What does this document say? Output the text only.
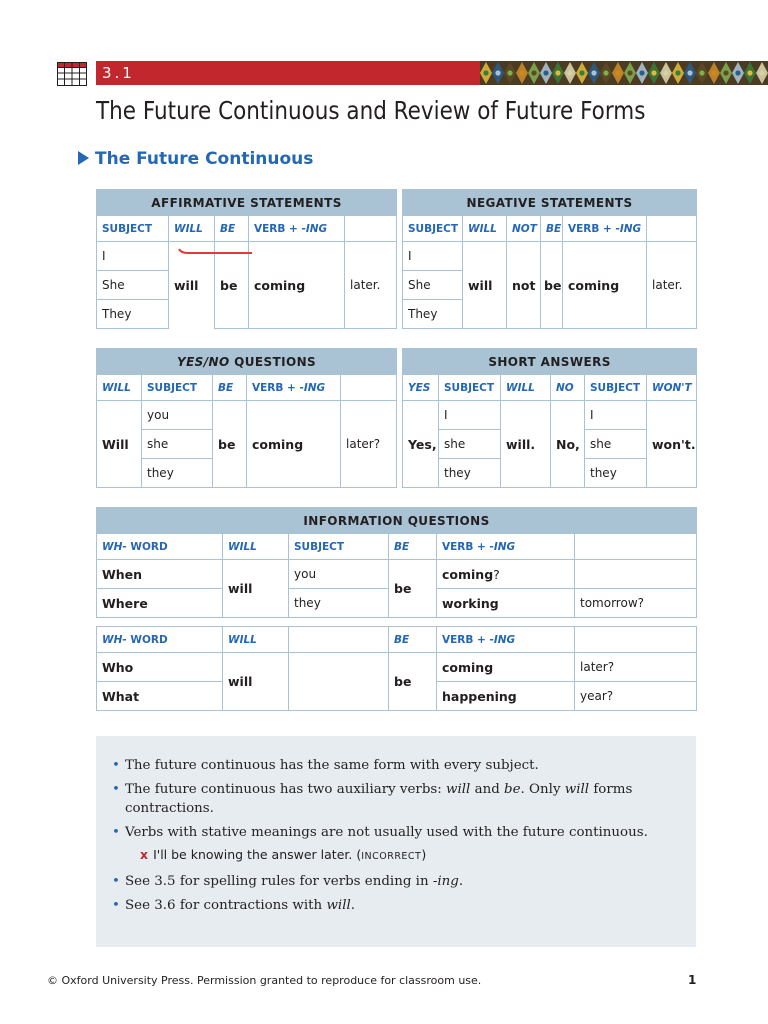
3.1
The Future Continuous and Review of Future Forms
The Future Continuous
AFFIRMATIVE STATEMENTS				
SUBJECT	WILL	BE	VERB + -ING	
I	will	be	coming	later.
She				
They				
NEGATIVE STATEMENTS					
SUBJECT	WILL	NOT	BE	VERB + -ING	
I	will	not	be	coming	later.
She					
They					
YES/NO QUESTIONS				
WILL	SUBJECT	BE	VERB + -ING	
Will	you	be	coming	later?
	she			
	they			
SHORT ANSWERS					
YES	SUBJECT	WILL	NO	SUBJECT	WON'T
Yes,	I	will.	No,	I	won't.
	she			she	
	they			they	
INFORMATION QUESTIONS					
WH- WORD	WILL	SUBJECT	BE	VERB + -ING	
When	will	you	be	coming?	
Where		they		working	tomorrow?
WH- WORD	WILL		BE	VERB + -ING	
Who	will		be	coming	later?
What				happening	year?
• The future continuous has the same form with every subject.
• The future continuous has two auxiliary verbs: will and be. Only will forms contractions.
• Verbs with stative meanings are not usually used with the future continuous.
x I'll be knowing the answer later. (INCORRECT)
• See 3.5 for spelling rules for verbs ending in -ing.
• See 3.6 for contractions with will.
© Oxford University Press. Permission granted to reproduce for classroom use.	1
